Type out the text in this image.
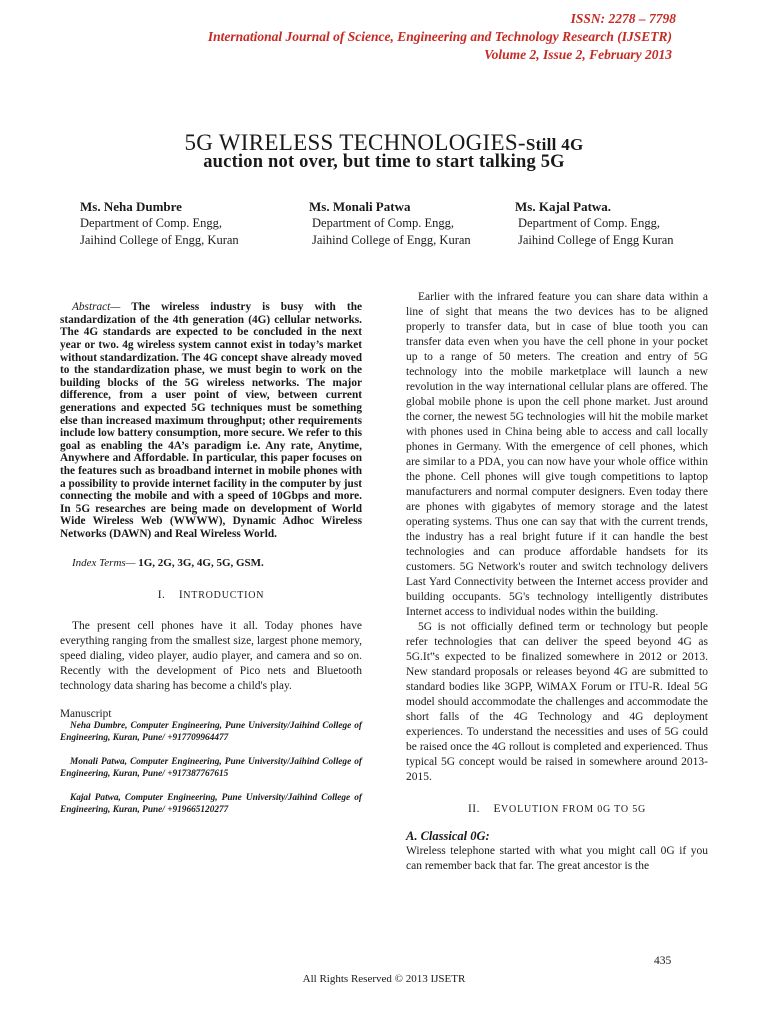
ISSN: 2278 – 7798
International Journal of Science, Engineering and Technology Research (IJSETR)
Volume 2, Issue 2, February 2013
5G WIRELESS TECHNOLOGIES-Still 4G
auction not over, but time to start talking 5G
Ms. Neha Dumbre
Department of Comp. Engg,
Jaihind College of Engg, Kuran
Ms. Monali Patwa
Department of Comp. Engg,
Jaihind College of Engg, Kuran
Ms. Kajal Patwa.
Department of Comp. Engg,
Jaihind College of Engg Kuran

Abstract— The wireless industry is busy with the standardization of the 4th generation (4G) cellular networks. The 4G standards are expected to be concluded in the next year or two. 4g wireless system cannot exist in today’s market without standardization. The 4G concept shave already moved to the standardization phase, we must begin to work on the building blocks of the 5G wireless networks. The major difference, from a user point of view, between current generations and expected 5G techniques must be something else than increased maximum throughput; other requirements include low battery consumption, more secure. We refer to this goal as enabling the 4A’s paradigm i.e. Any rate, Anytime, Anywhere and Affordable. In particular, this paper focuses on the features such as broadband internet in mobile phones with a possibility to provide internet facility in the computer by just connecting the mobile and with a speed of 10Gbps and more. In 5G researches are being made on development of World Wide Wireless Web (WWWW), Dynamic Adhoc Wireless Networks (DAWN) and Real Wireless World.

Index Terms— 1G, 2G, 3G, 4G, 5G, GSM.
I. INTRODUCTION

The present cell phones have it all. Today phones have everything ranging from the smallest size, largest phone memory, speed dialing, video player, audio player, and camera and so on. Recently with the development of Pico nets and Bluetooth technology data sharing has become a child's play.

Manuscript

Neha Dumbre, Computer Engineering, Pune University/Jaihind College of Engineering, Kuran, Pune/ +917709964477

Monali Patwa, Computer Engineering, Pune University/Jaihind College of Engineering, Kuran, Pune/ +917387767615

Kajal Patwa, Computer Engineering, Pune University/Jaihind College of Engineering, Kuran, Pune/ +919665120277

Earlier with the infrared feature you can share data within a line of sight that means the two devices has to be aligned properly to transfer data, but in case of blue tooth you can transfer data even when you have the cell phone in your pocket up to a range of 50 meters. The creation and entry of 5G technology into the mobile marketplace will launch a new revolution in the way international cellular plans are offered. The global mobile phone is upon the cell phone market. Just around the corner, the newest 5G technologies will hit the mobile market with phones used in China being able to access and call locally phones in Germany. With the emergence of cell phones, which are similar to a PDA, you can now have your whole office within the phone. Cell phones will give tough competitions to laptop manufacturers and normal computer designers. Even today there are phones with gigabytes of memory storage and the latest operating systems. Thus one can say that with the current trends, the industry has a real bright future if it can handle the best technologies and can produce affordable handsets for its customers. 5G Network's router and switch technology delivers Last Yard Connectivity between the Internet access provider and building occupants. 5G's technology intelligently distributes Internet access to individual nodes within the building.

5G is not officially defined term or technology but people refer technologies that can deliver the speed beyond 4G as 5G.It‟s expected to be finalized somewhere in 2012 or 2013. New standard proposals or releases beyond 4G are submitted to standard bodies like 3GPP, WiMAX Forum or ITU-R. Ideal 5G model should accommodate the challenges and accommodate the short falls of the 4G Technology and 4G deployment experiences. To understand the necessities and uses of 5G could be raised once the 4G rollout is completed and experienced. Thus typical 5G concept would be raised in somewhere around 2013-2015.

II. EVOLUTION FROM 0G TO 5G
A. Classical 0G:

Wireless telephone started with what you might call 0G if you can remember back that far. The great ancestor is the

435
All Rights Reserved © 2013 IJSETR
